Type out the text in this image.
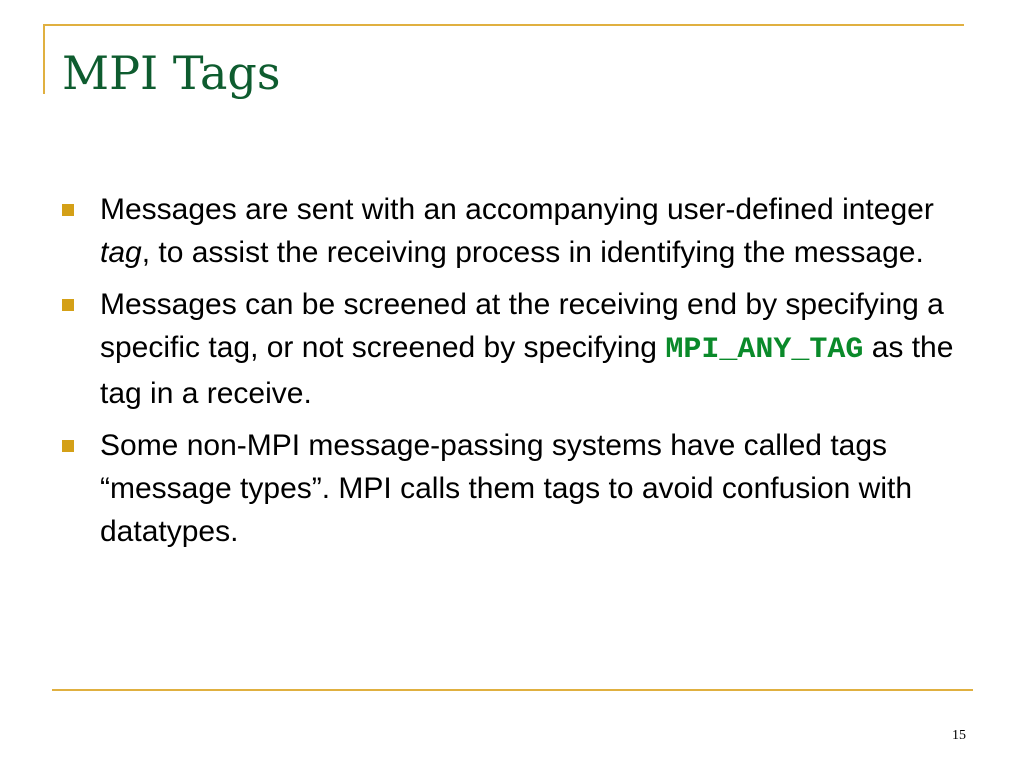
MPI Tags
Messages are sent with an accompanying user-defined integer tag, to assist the receiving process in identifying the message.
Messages can be screened at the receiving end by specifying a specific tag, or not screened by specifying MPI_ANY_TAG as the tag in a receive.
Some non-MPI message-passing systems have called tags “message types”. MPI calls them tags to avoid confusion with datatypes.
15
